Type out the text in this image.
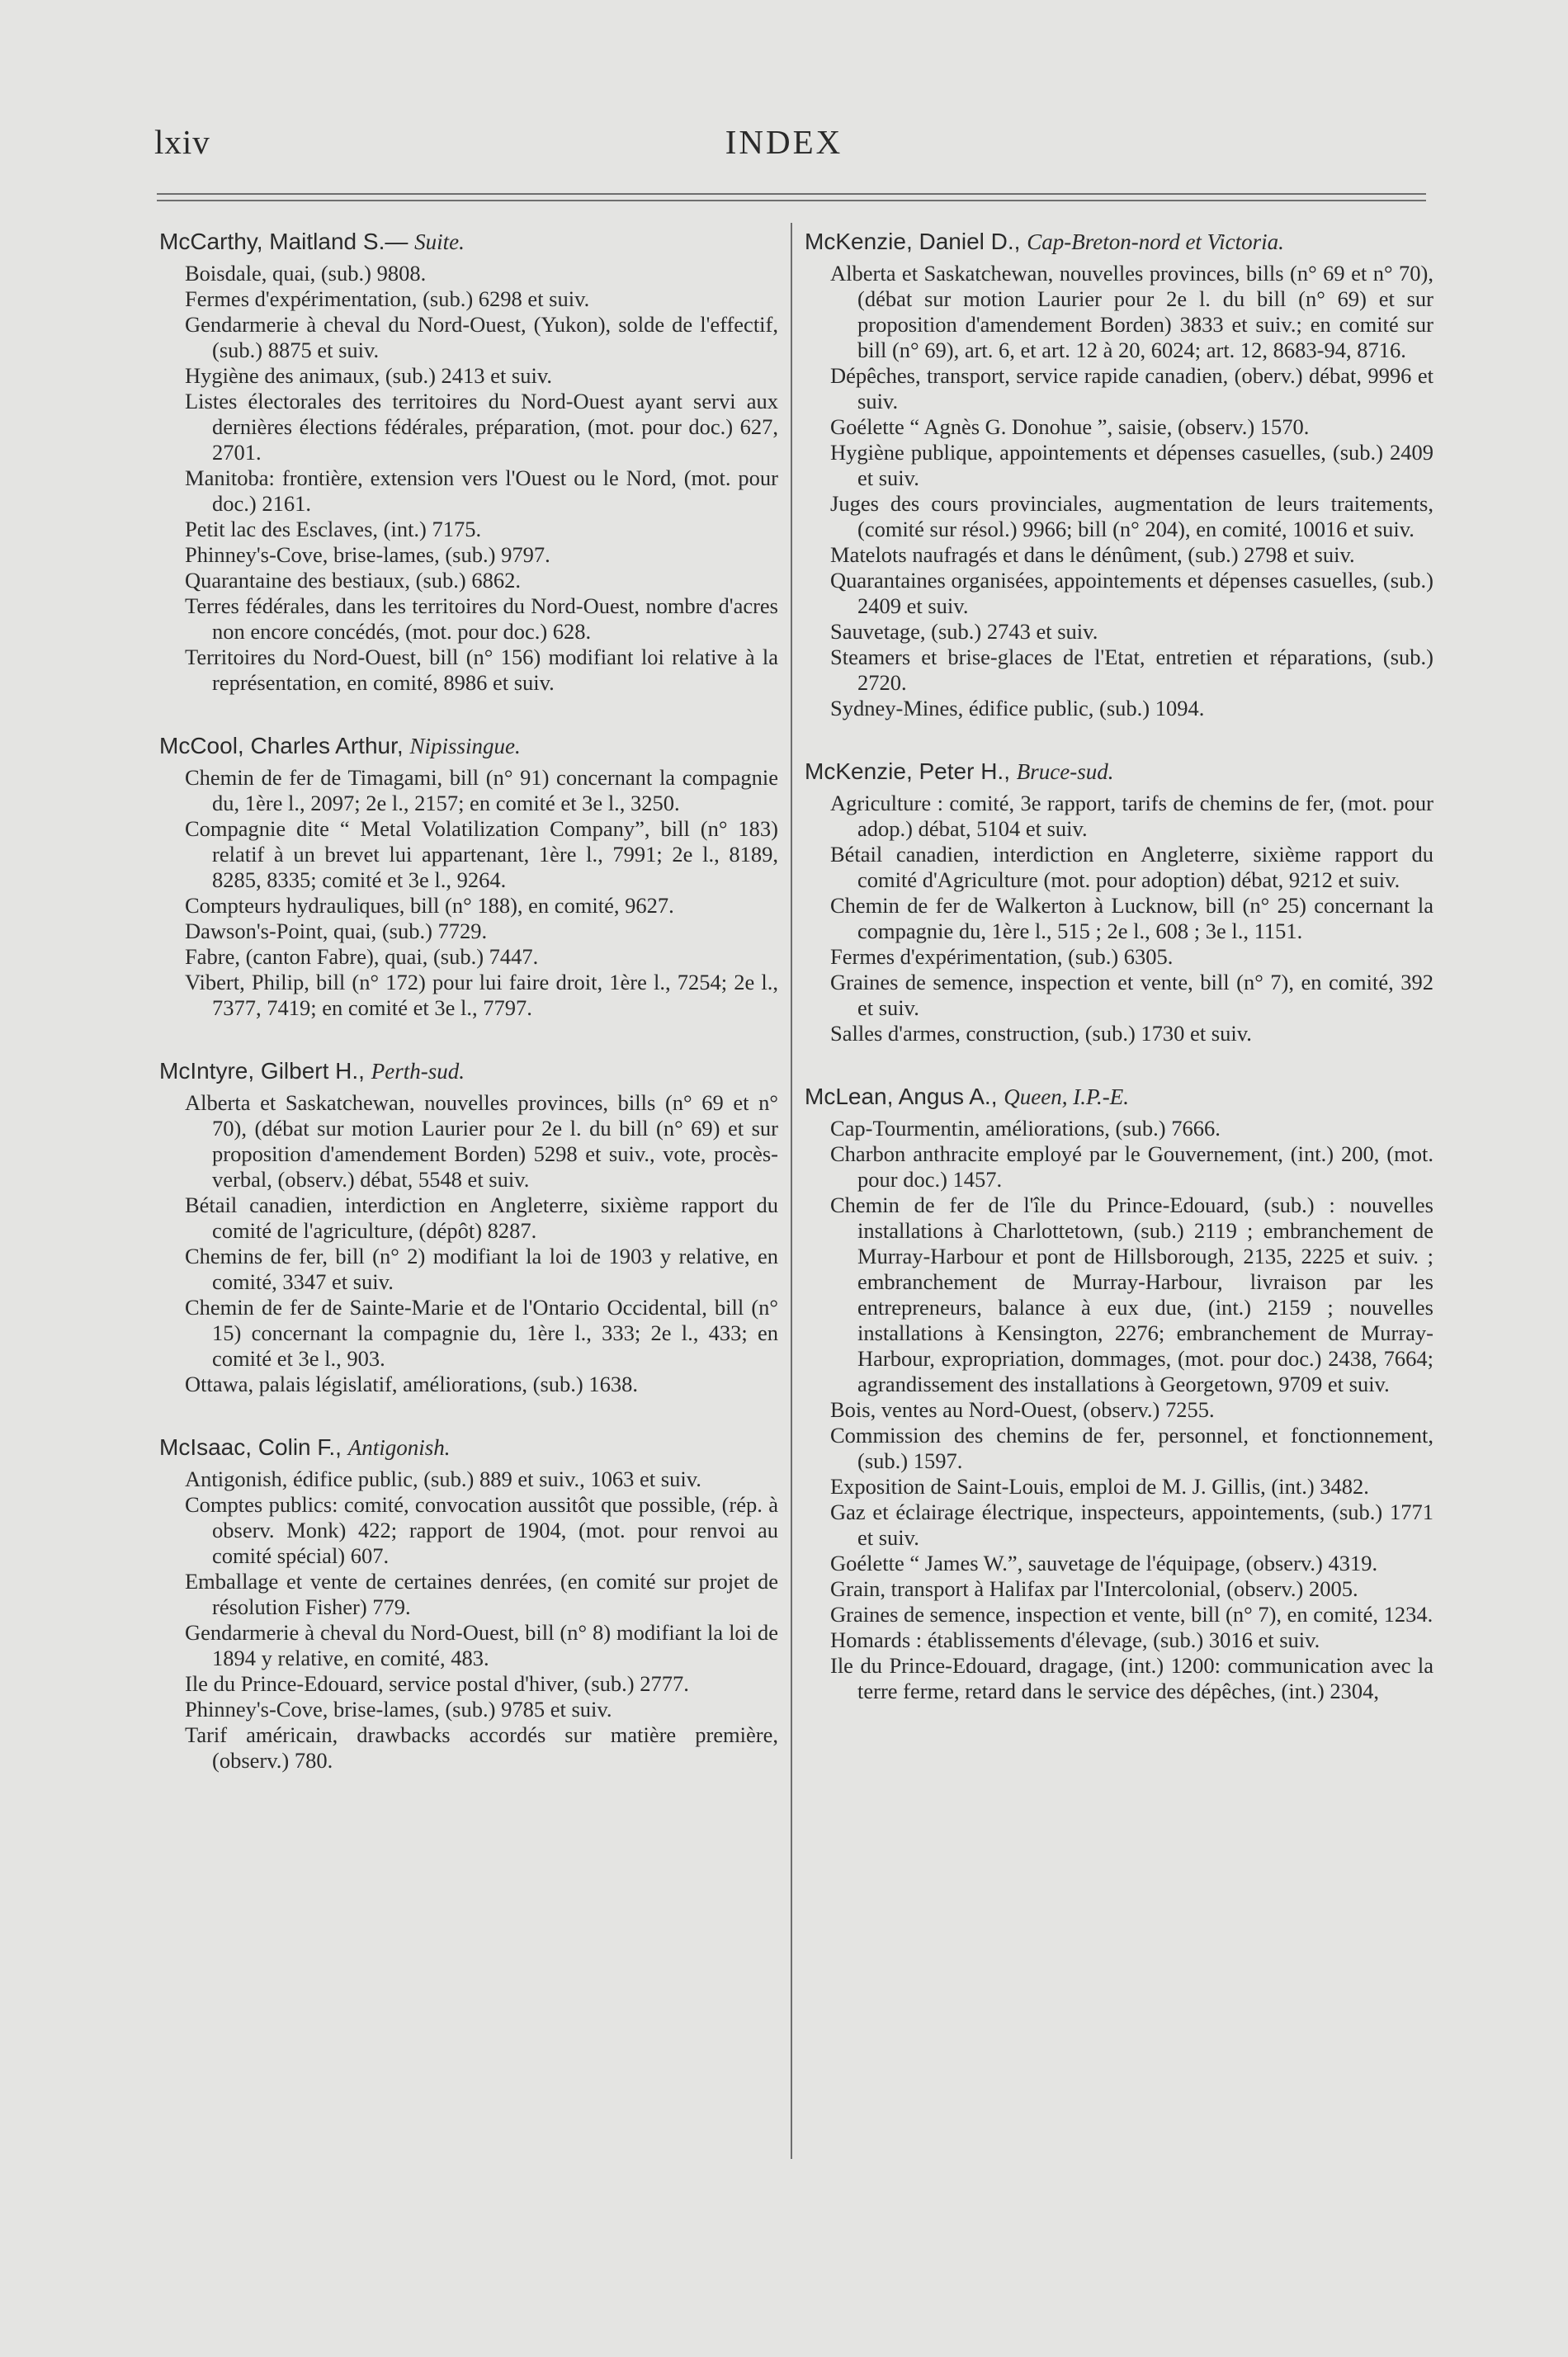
lxiv	INDEX
McCarthy, Maitland S.— Suite.
Boisdale, quai, (sub.) 9808.
Fermes d'expérimentation, (sub.) 6298 et suiv.
Gendarmerie à cheval du Nord-Ouest, (Yukon), solde de l'effectif, (sub.) 8875 et suiv.
Hygiène des animaux, (sub.) 2413 et suiv.
Listes électorales des territoires du Nord-Ouest ayant servi aux dernières élections fédérales, préparation, (mot. pour doc.) 627, 2701.
Manitoba: frontière, extension vers l'Ouest ou le Nord, (mot. pour doc.) 2161.
Petit lac des Esclaves, (int.) 7175.
Phinney's-Cove, brise-lames, (sub.) 9797.
Quarantaine des bestiaux, (sub.) 6862.
Terres fédérales, dans les territoires du Nord-Ouest, nombre d'acres non encore concédés, (mot. pour doc.) 628.
Territoires du Nord-Ouest, bill (n° 156) modifiant loi relative à la représentation, en comité, 8986 et suiv.
McCool, Charles Arthur, Nipissingue.
Chemin de fer de Timagami, bill (n° 91) concernant la compagnie du, 1ère l., 2097; 2e l., 2157; en comité et 3e l., 3250.
Compagnie dite “ Metal Volatilization Company”, bill (n° 183) relatif à un brevet lui appartenant, 1ère l., 7991; 2e l., 8189, 8285, 8335; comité et 3e l., 9264.
Compteurs hydrauliques, bill (n° 188), en comité, 9627.
Dawson's-Point, quai, (sub.) 7729.
Fabre, (canton Fabre), quai, (sub.) 7447.
Vibert, Philip, bill (n° 172) pour lui faire droit, 1ère l., 7254; 2e l., 7377, 7419; en comité et 3e l., 7797.
McIntyre, Gilbert H., Perth-sud.
Alberta et Saskatchewan, nouvelles provinces, bills (n° 69 et n° 70), (débat sur motion Laurier pour 2e l. du bill (n° 69) et sur proposition d'amendement Borden) 5298 et suiv., vote, procès-verbal, (observ.) débat, 5548 et suiv.
Bétail canadien, interdiction en Angleterre, sixième rapport du comité de l'agriculture, (dépôt) 8287.
Chemins de fer, bill (n° 2) modifiant la loi de 1903 y relative, en comité, 3347 et suiv.
Chemin de fer de Sainte-Marie et de l'Ontario Occidental, bill (n° 15) concernant la compagnie du, 1ère l., 333; 2e l., 433; en comité et 3e l., 903.
Ottawa, palais législatif, améliorations, (sub.) 1638.
McIsaac, Colin F., Antigonish.
Antigonish, édifice public, (sub.) 889 et suiv., 1063 et suiv.
Comptes publics: comité, convocation aussitôt que possible, (rép. à observ. Monk) 422; rapport de 1904, (mot. pour renvoi au comité spécial) 607.
Emballage et vente de certaines denrées, (en comité sur projet de résolution Fisher) 779.
Gendarmerie à cheval du Nord-Ouest, bill (n° 8) modifiant la loi de 1894 y relative, en comité, 483.
Ile du Prince-Edouard, service postal d'hiver, (sub.) 2777.
Phinney's-Cove, brise-lames, (sub.) 9785 et suiv.
Tarif américain, drawbacks accordés sur matière première, (observ.) 780.
McKenzie, Daniel D., Cap-Breton-nord et Victoria.
Alberta et Saskatchewan, nouvelles provinces, bills (n° 69 et n° 70), (débat sur motion Laurier pour 2e l. du bill (n° 69) et sur proposition d'amendement Borden) 3833 et suiv.; en comité sur bill (n° 69), art. 6, et art. 12 à 20, 6024; art. 12, 8683-94, 8716.
Dépêches, transport, service rapide canadien, (oberv.) débat, 9996 et suiv.
Goélette “ Agnès G. Donohue ”, saisie, (observ.) 1570.
Hygiène publique, appointements et dépenses casuelles, (sub.) 2409 et suiv.
Juges des cours provinciales, augmentation de leurs traitements, (comité sur résol.) 9966; bill (n° 204), en comité, 10016 et suiv.
Matelots naufragés et dans le dénûment, (sub.) 2798 et suiv.
Quarantaines organisées, appointements et dépenses casuelles, (sub.) 2409 et suiv.
Sauvetage, (sub.) 2743 et suiv.
Steamers et brise-glaces de l'Etat, entretien et réparations, (sub.) 2720.
Sydney-Mines, édifice public, (sub.) 1094.
McKenzie, Peter H., Bruce-sud.
Agriculture : comité, 3e rapport, tarifs de chemins de fer, (mot. pour adop.) débat, 5104 et suiv.
Bétail canadien, interdiction en Angleterre, sixième rapport du comité d'Agriculture (mot. pour adoption) débat, 9212 et suiv.
Chemin de fer de Walkerton à Lucknow, bill (n° 25) concernant la compagnie du, 1ère l., 515 ; 2e l., 608 ; 3e l., 1151.
Fermes d'expérimentation, (sub.) 6305.
Graines de semence, inspection et vente, bill (n° 7), en comité, 392 et suiv.
Salles d'armes, construction, (sub.) 1730 et suiv.
McLean, Angus A., Queen, I.P.-E.
Cap-Tourmentin, améliorations, (sub.) 7666.
Charbon anthracite employé par le Gouvernement, (int.) 200, (mot. pour doc.) 1457.
Chemin de fer de l'île du Prince-Edouard, (sub.) : nouvelles installations à Charlottetown, (sub.) 2119 ; embranchement de Murray-Harbour et pont de Hillsborough, 2135, 2225 et suiv. ; embranchement de Murray-Harbour, livraison par les entrepreneurs, balance à eux due, (int.) 2159 ; nouvelles installations à Kensington, 2276; embranchement de Murray-Harbour, expropriation, dommages, (mot. pour doc.) 2438, 7664; agrandissement des installations à Georgetown, 9709 et suiv.
Bois, ventes au Nord-Ouest, (observ.) 7255.
Commission des chemins de fer, personnel, et fonctionnement, (sub.) 1597.
Exposition de Saint-Louis, emploi de M. J. Gillis, (int.) 3482.
Gaz et éclairage électrique, inspecteurs, appointements, (sub.) 1771 et suiv.
Goélette “ James W.”, sauvetage de l'équipage, (observ.) 4319.
Grain, transport à Halifax par l'Intercolonial, (observ.) 2005.
Graines de semence, inspection et vente, bill (n° 7), en comité, 1234.
Homards : établissements d'élevage, (sub.) 3016 et suiv.
Ile du Prince-Edouard, dragage, (int.) 1200: communication avec la terre ferme, retard dans le service des dépêches, (int.) 2304,
